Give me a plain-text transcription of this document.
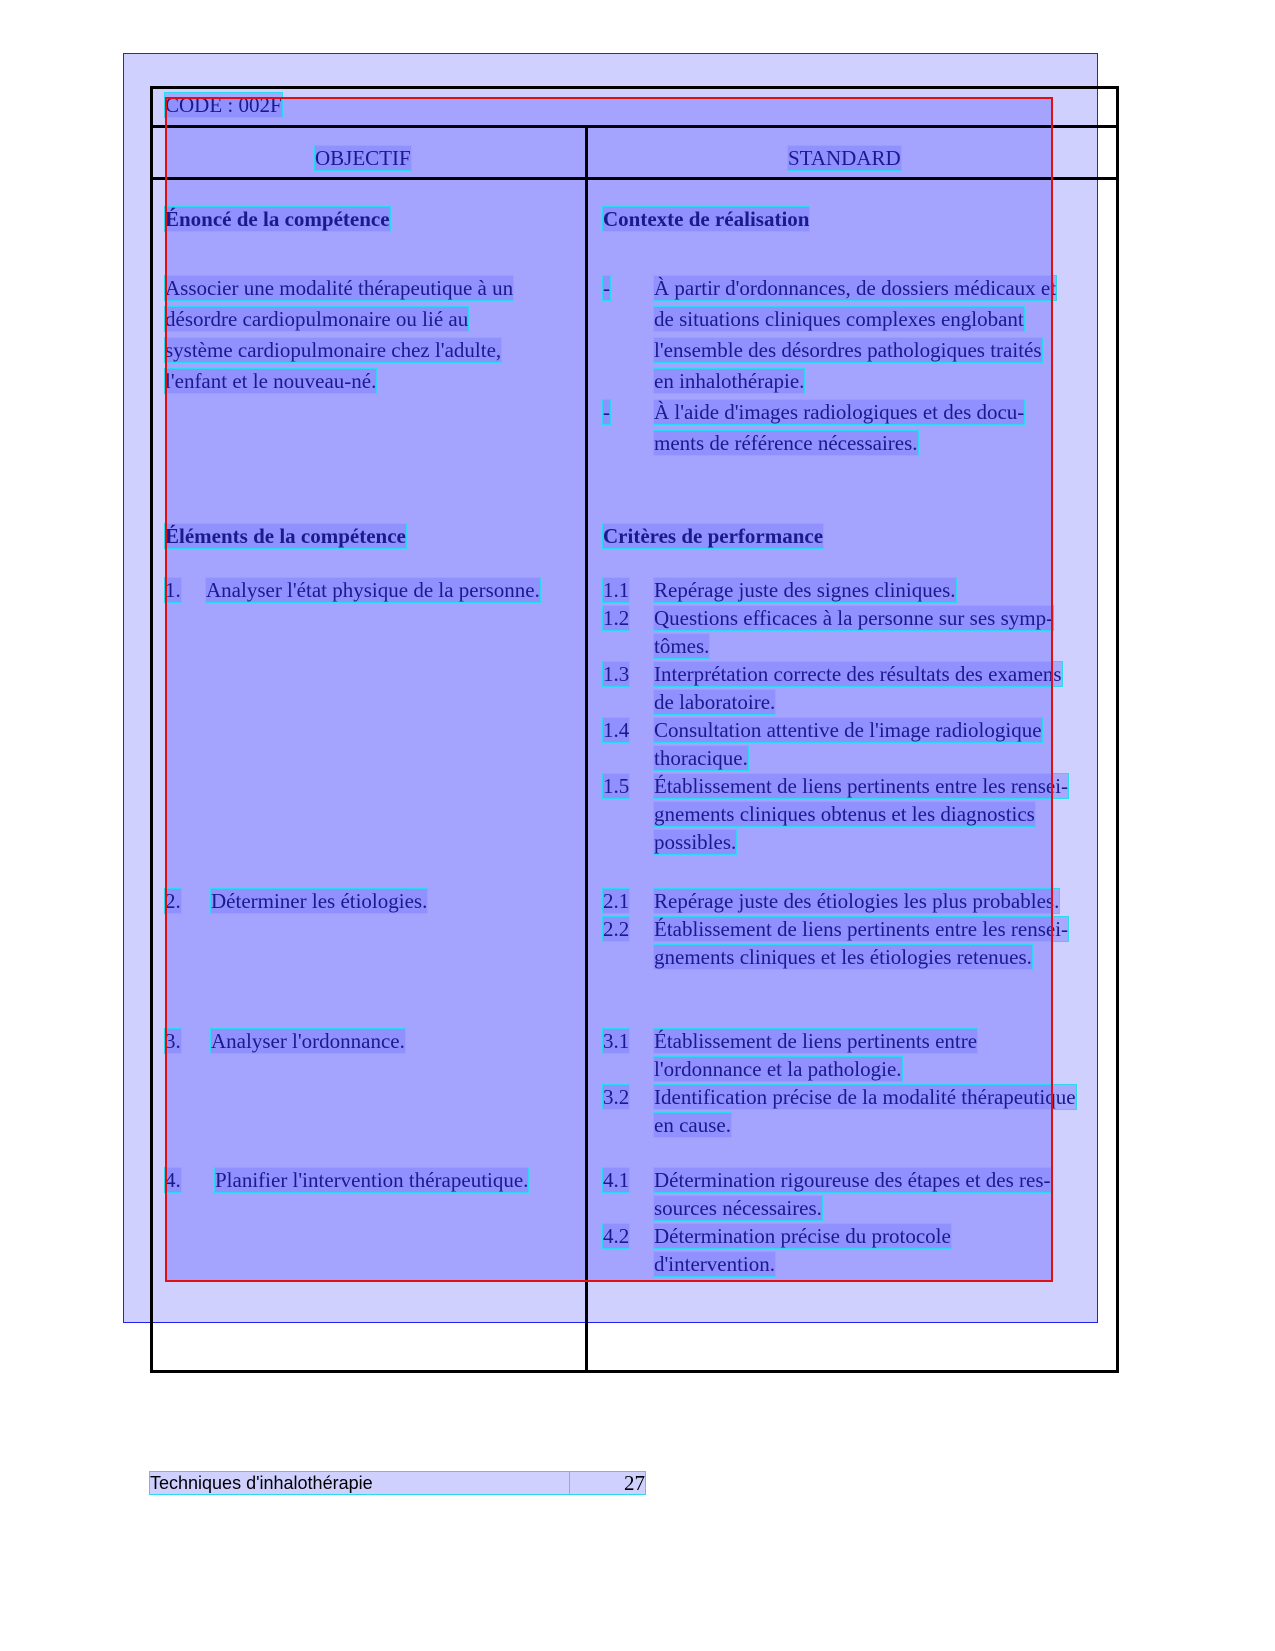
CODE : 002F
OBJECTIF	STANDARD
Énoncé de la compétence
Associer une modalité thérapeutique à un
désordre cardiopulmonaire ou lié au
système cardiopulmonaire chez l'adulte,
l'enfant et le nouveau-né.
Éléments de la compétence
1. Analyser l'état physique de la personne.
2. Déterminer les étiologies.
3. Analyser l'ordonnance.
4. Planifier l'intervention thérapeutique.
Contexte de réalisation
- À partir d'ordonnances, de dossiers médicaux et
de situations cliniques complexes englobant
l'ensemble des désordres pathologiques traités
en inhalothérapie.
- À l'aide d'images radiologiques et des docu-
ments de référence nécessaires.
Critères de performance
1.1 Repérage juste des signes cliniques.
1.2 Questions efficaces à la personne sur ses symp-
tômes.
1.3 Interprétation correcte des résultats des examens
de laboratoire.
1.4 Consultation attentive de l'image radiologique
thoracique.
1.5 Établissement de liens pertinents entre les rensei-
gnements cliniques obtenus et les diagnostics
possibles.
2.1 Repérage juste des étiologies les plus probables.
2.2 Établissement de liens pertinents entre les rensei-
gnements cliniques et les étiologies retenues.
3.1 Établissement de liens pertinents entre
l'ordonnance et la pathologie.
3.2 Identification précise de la modalité thérapeutique
en cause.
4.1 Détermination rigoureuse des étapes et des res-
sources nécessaires.
4.2 Détermination précise du protocole
d'intervention.
Techniques d'inhalothérapie	27
